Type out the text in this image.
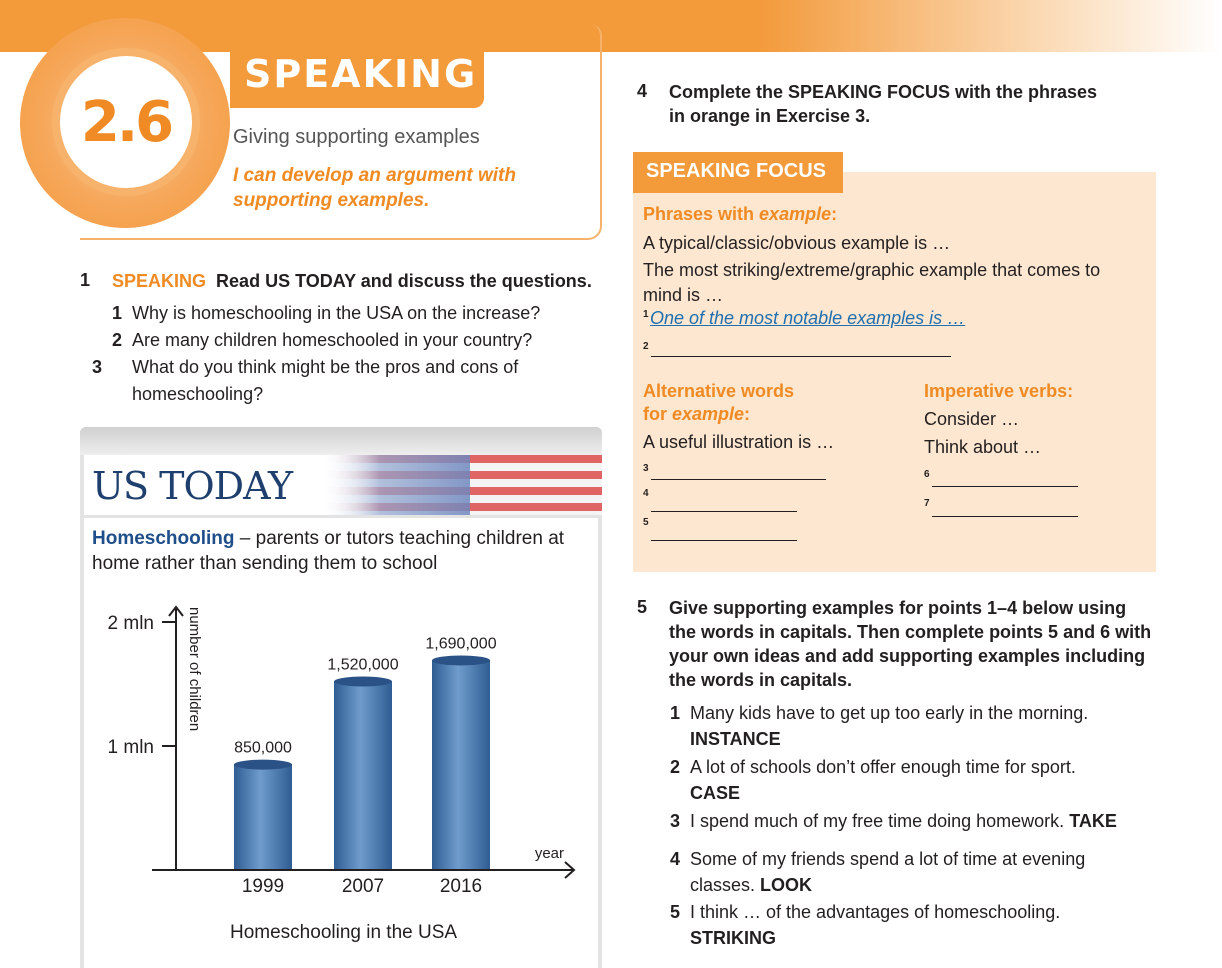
2.6
SPEAKING
Giving supporting examples
I can develop an argument with supporting examples.
1 SPEAKING Read US TODAY and discuss the questions.
1 Why is homeschooling in the USA on the increase?
2 Are many children homeschooled in your country?
3 What do you think might be the pros and cons of homeschooling?
US TODAY
Homeschooling – parents or tutors teaching children at home rather than sending them to school
850,000
1999
1,520,000
2007
1,690,000
2016
1 mln
2 mln number of children
year
Homeschooling in the USA
4 Complete the SPEAKING FOCUS with the phrases
in orange in Exercise 3.
SPEAKING FOCUS
Phrases with example:
A typical/classic/obvious example is …
The most striking/extreme/graphic example that comes to
mind is …
1 One of the most notable examples is …
2
Alternative words
for example:
A useful illustration is …
3
4
5
Imperative verbs:
Consider …
Think about …
6
7
5 Give supporting examples for points 1–4 below using
the words in capitals. Then complete points 5 and 6 with
your own ideas and add supporting examples including
the words in capitals.
1 Many kids have to get up too early in the morning.
INSTANCE
2 A lot of schools don’t offer enough time for sport.
CASE
3 I spend much of my free time doing homework. TAKE
4 Some of my friends spend a lot of time at evening classes. LOOK
5 I think … of the advantages of homeschooling.
STRIKING
